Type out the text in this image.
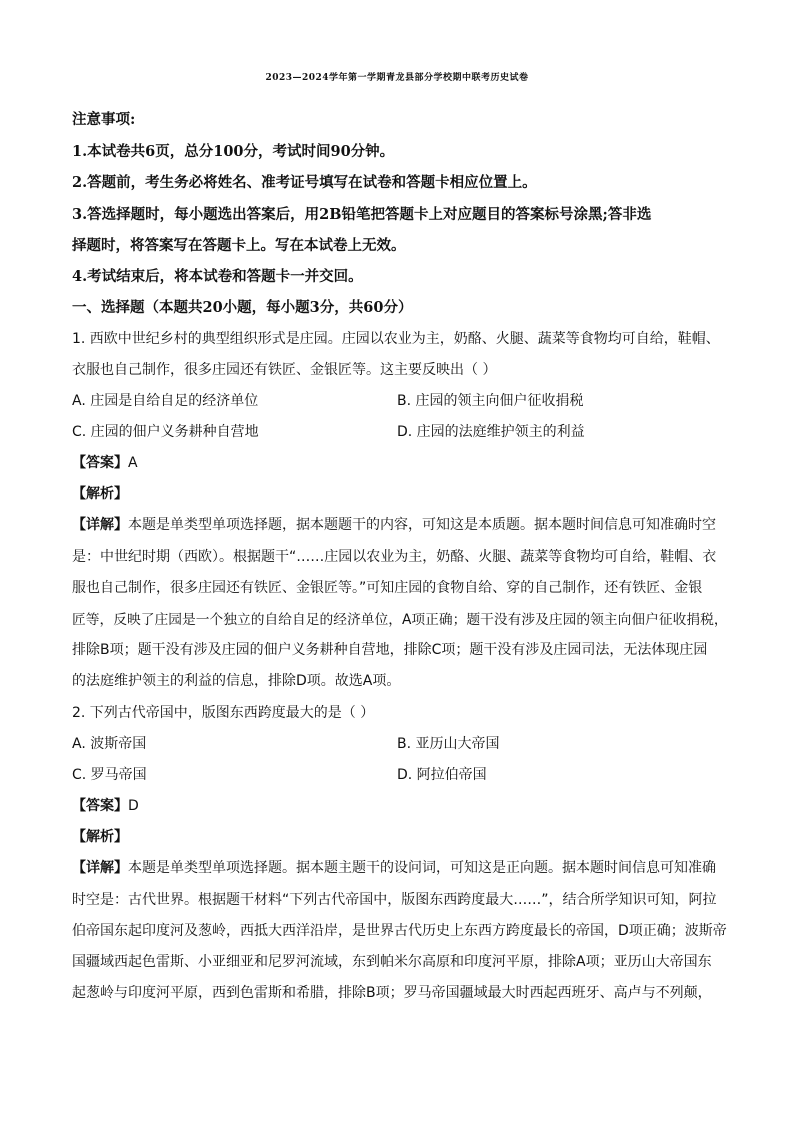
2023—2024学年第一学期青龙县部分学校期中联考历史试卷
注意事项:
1.本试卷共6页，总分100分，考试时间90分钟。
2.答题前，考生务必将姓名、准考证号填写在试卷和答题卡相应位置上。
3.答选择题时，每小题选出答案后，用2B铅笔把答题卡上对应题目的答案标号涂黑;答非选
择题时，将答案写在答题卡上。写在本试卷上无效。
4.考试结束后，将本试卷和答题卡一并交回。
一、选择题（本题共20小题，每小题3分，共60分）
1. 西欧中世纪乡村的典型组织形式是庄园。庄园以农业为主，奶酪、火腿、蔬菜等食物均可自给，鞋帽、
衣服也自己制作，很多庄园还有铁匠、金银匠等。这主要反映出（ ）
A. 庄园是自给自足的经济单位	B. 庄园的领主向佃户征收捐税
C. 庄园的佃户义务耕种自营地	D. 庄园的法庭维护领主的利益
【答案】A
【解析】
【详解】本题是单类型单项选择题，据本题题干的内容，可知这是本质题。据本题时间信息可知准确时空
是：中世纪时期（西欧）。根据题干“……庄园以农业为主，奶酪、火腿、蔬菜等食物均可自给，鞋帽、衣
服也自己制作，很多庄园还有铁匠、金银匠等。”可知庄园的食物自给、穿的自己制作，还有铁匠、金银
匠等，反映了庄园是一个独立的自给自足的经济单位，A项正确；题干没有涉及庄园的领主向佃户征收捐税，
排除B项；题干没有涉及庄园的佃户义务耕种自营地，排除C项；题干没有涉及庄园司法，无法体现庄园
的法庭维护领主的利益的信息，排除D项。故选A项。
2. 下列古代帝国中，版图东西跨度最大的是（ ）
A. 波斯帝国	B. 亚历山大帝国
C. 罗马帝国	D. 阿拉伯帝国
【答案】D
【解析】
【详解】本题是单类型单项选择题。据本题主题干的设问词，可知这是正向题。据本题时间信息可知准确
时空是：古代世界。根据题干材料“下列古代帝国中，版图东西跨度最大……”，结合所学知识可知，阿拉
伯帝国东起印度河及葱岭，西抵大西洋沿岸，是世界古代历史上东西方跨度最长的帝国，D项正确；波斯帝
国疆域西起色雷斯、小亚细亚和尼罗河流域，东到帕米尔高原和印度河平原，排除A项；亚历山大帝国东
起葱岭与印度河平原，西到色雷斯和希腊，排除B项；罗马帝国疆域最大时西起西班牙、高卢与不列颠，
